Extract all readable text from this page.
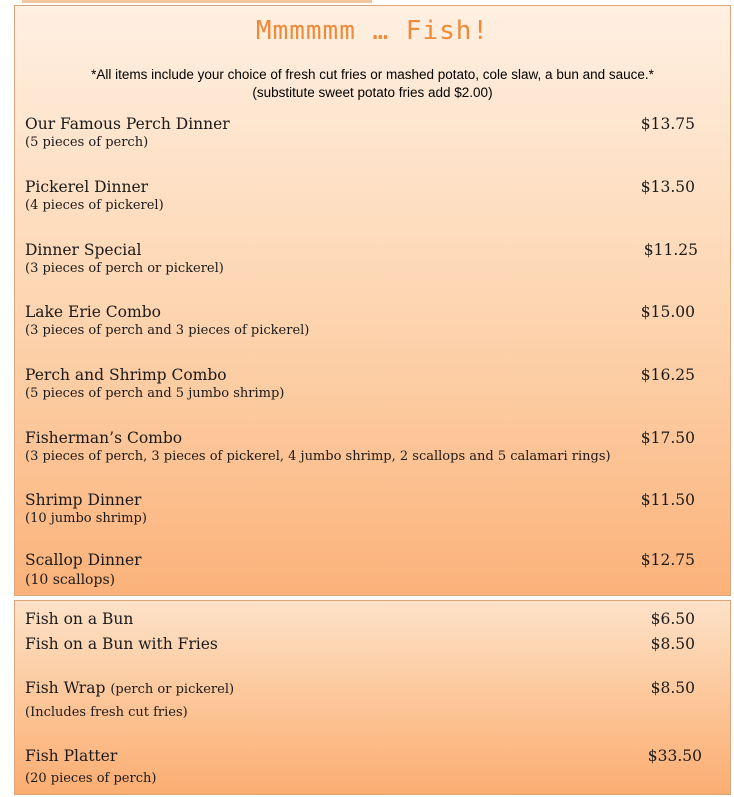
Mmmmmm … Fish!
*All items include your choice of fresh cut fries or mashed potato, cole slaw, a bun and sauce.*
(substitute sweet potato fries add $2.00)
Our Famous Perch Dinner
(5 pieces of perch)
$13.75
Pickerel Dinner
(4 pieces of pickerel)
$13.50
Dinner Special
(3 pieces of perch or pickerel)
$11.25
Lake Erie Combo
(3 pieces of perch and 3 pieces of pickerel)
$15.00
Perch and Shrimp Combo
(5 pieces of perch and 5 jumbo shrimp)
$16.25
Fisherman’s Combo
(3 pieces of perch, 3 pieces of pickerel, 4 jumbo shrimp, 2 scallops and 5 calamari rings)
$17.50
Shrimp Dinner
(10 jumbo shrimp)
$11.50
Scallop Dinner
(10 scallops)
$12.75
Fish on a Bun	$6.50
Fish on a Bun with Fries	$8.50
Fish Wrap (perch or pickerel)
(Includes fresh cut fries)
$8.50
Fish Platter
(20 pieces of perch)
$33.50
